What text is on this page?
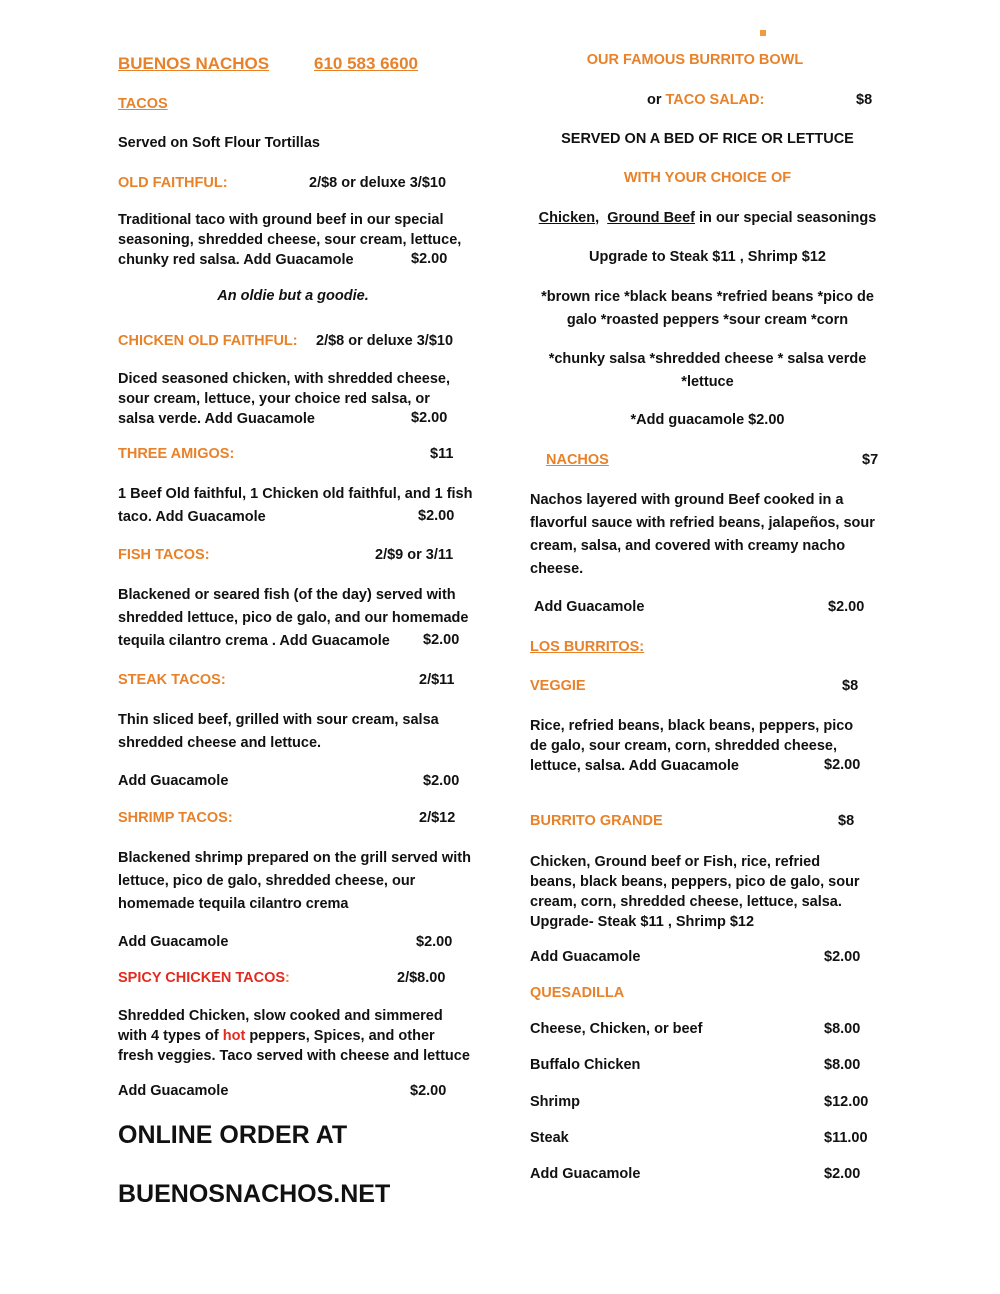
BUENOS NACHOS	610 583 6600
TACOS
Served on Soft Flour Tortillas
OLD FAITHFUL:	2/$8 or deluxe 3/$10
Traditional taco with ground beef in our special seasoning, shredded cheese, sour cream, lettuce, chunky red salsa. Add Guacamole	$2.00
An oldie but a goodie.
CHICKEN OLD FAITHFUL: 2/$8 or deluxe 3/$10
Diced seasoned chicken, with shredded cheese, sour cream, lettuce, your choice red salsa, or salsa verde. Add Guacamole	$2.00
THREE AMIGOS:	$11
1 Beef Old faithful, 1 Chicken old faithful, and 1 fish taco. Add Guacamole	$2.00
FISH TACOS:	2/$9 or 3/11
Blackened or seared fish (of the day) served with shredded lettuce, pico de galo, and our homemade tequila cilantro crema . Add Guacamole	$2.00
STEAK TACOS:	2/$11
Thin sliced beef, grilled with sour cream, salsa shredded cheese and lettuce.
Add Guacamole	$2.00
SHRIMP TACOS:	2/$12
Blackened shrimp prepared on the grill served with lettuce, pico de galo, shredded cheese, our homemade tequila cilantro crema
Add Guacamole	$2.00
SPICY CHICKEN TACOS:	2/$8.00
Shredded Chicken, slow cooked and simmered with 4 types of hot peppers, Spices, and other fresh veggies. Taco served with cheese and lettuce
Add Guacamole	$2.00
ONLINE ORDER AT
BUENOSNACHOS.NET
OUR FAMOUS BURRITO BOWL
or TACO SALAD:	$8
SERVED ON A BED OF RICE OR LETTUCE
WITH YOUR CHOICE OF
Chicken,  Ground Beef in our special seasonings
Upgrade to Steak $11 , Shrimp $12
*brown rice *black beans *refried beans *pico de galo *roasted peppers *sour cream *corn
*chunky salsa *shredded cheese * salsa verde *lettuce
*Add guacamole $2.00
NACHOS	$7
Nachos layered with ground Beef cooked in a flavorful sauce with refried beans, jalapeños, sour cream, salsa, and covered with creamy nacho cheese.
Add Guacamole	$2.00
LOS BURRITOS:
VEGGIE	$8
Rice, refried beans, black beans, peppers, pico de galo, sour cream, corn, shredded cheese, lettuce, salsa. Add Guacamole	$2.00
BURRITO GRANDE	$8
Chicken, Ground beef or Fish, rice, refried beans, black beans, peppers, pico de galo, sour cream, corn, shredded cheese, lettuce, salsa. Upgrade- Steak $11 , Shrimp $12
Add Guacamole	$2.00
QUESADILLA
Cheese, Chicken, or beef	$8.00
Buffalo Chicken	$8.00
Shrimp	$12.00
Steak	$11.00
Add Guacamole	$2.00
